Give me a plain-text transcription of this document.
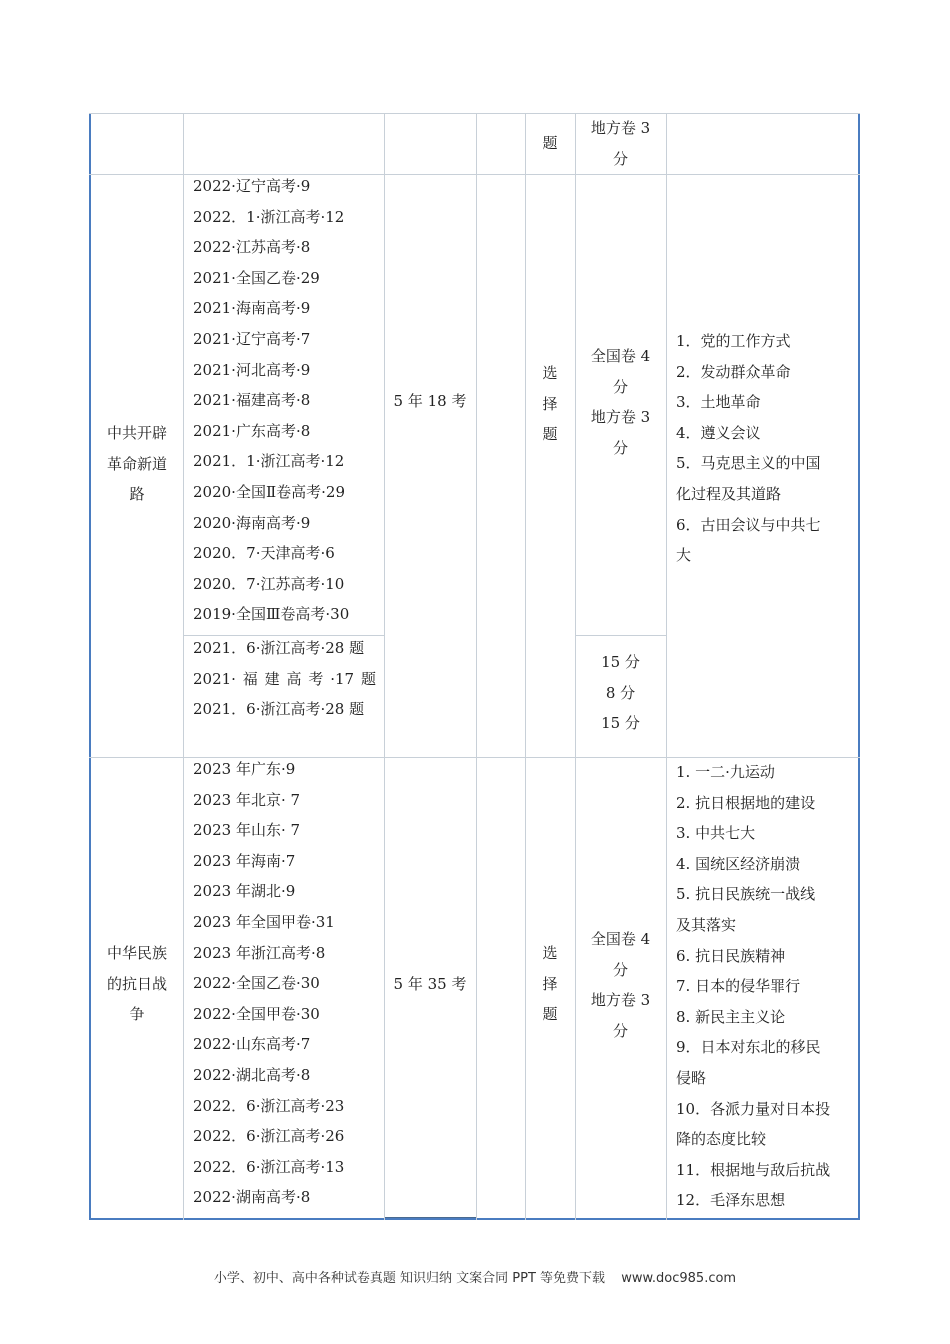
题
地方卷 3
分
中共开辟
革命新道
路
2022·辽宁高考·9
2022．1·浙江高考·12
2022·江苏高考·8
2021·全国乙卷·29
2021·海南高考·9
2021·辽宁高考·7
2021·河北高考·9
2021·福建高考·8
2021·广东高考·8
2021．1·浙江高考·12
2020·全国Ⅱ卷高考·29
2020·海南高考·9
2020．7·天津高考·6
2020．7·江苏高考·10
2019·全国Ⅲ卷高考·30
5 年 18 考
选
择
题
全国卷 4
分
地方卷 3
分
1．党的工作方式
2．发动群众革命
3．土地革命
4．遵义会议
5．马克思主义的中国
化过程及其道路
6．古田会议与中共七
大
2021．6·浙江高考·28 题
2021· 福 建 高 考 ·17 题
2021．6·浙江高考·28 题
15 分
8 分
15 分
中华民族
的抗日战
争
2023 年广东·9
2023 年北京· 7
2023 年山东· 7
2023 年海南·7
2023 年湖北·9
2023 年全国甲卷·31
2023 年浙江高考·8
2022·全国乙卷·30
2022·全国甲卷·30
2022·山东高考·7
2022·湖北高考·8
2022．6·浙江高考·23
2022．6·浙江高考·26
2022．6·浙江高考·13
2022·湖南高考·8
5 年 35 考
选
择
题
全国卷 4
分
地方卷 3
分
1. 一二·九运动
2. 抗日根据地的建设
3. 中共七大
4. 国统区经济崩溃
5. 抗日民族统一战线
及其落实
6. 抗日民族精神
7. 日本的侵华罪行
8. 新民主主义论
9．日本对东北的移民
侵略
10．各派力量对日本投
降的态度比较
11．根据地与敌后抗战
12．毛泽东思想
小学、初中、高中各种试卷真题 知识归纳 文案合同 PPT 等免费下载 www.doc985.com
